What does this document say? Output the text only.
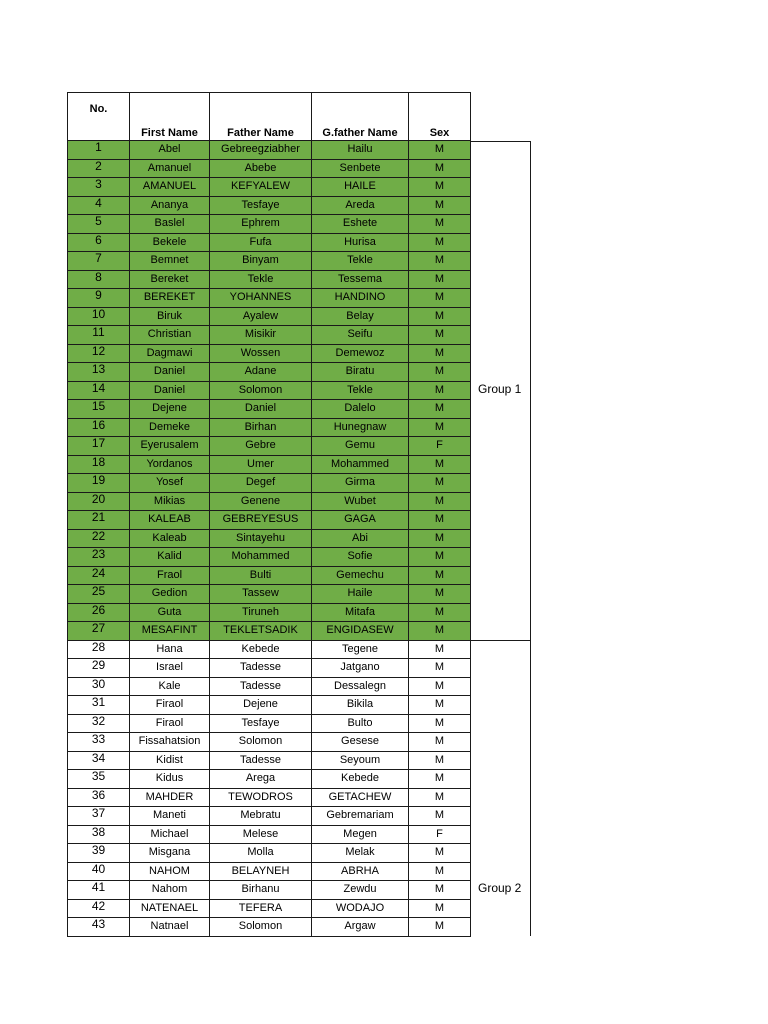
No.	First Name	Father Name	G.father Name	Sex
1	Abel	Gebreegziabher	Hailu	M
2	Amanuel	Abebe	Senbete	M
3	AMANUEL	KEFYALEW	HAILE	M
4	Ananya	Tesfaye	Areda	M
5	Baslel	Ephrem	Eshete	M
6	Bekele	Fufa	Hurisa	M
7	Bemnet	Binyam	Tekle	M
8	Bereket	Tekle	Tessema	M
9	BEREKET	YOHANNES	HANDINO	M
10	Biruk	Ayalew	Belay	M
11	Christian	Misikir	Seifu	M
12	Dagmawi	Wossen	Demewoz	M
13	Daniel	Adane	Biratu	M
14	Daniel	Solomon	Tekle	M
15	Dejene	Daniel	Dalelo	M
16	Demeke	Birhan	Hunegnaw	M
17	Eyerusalem	Gebre	Gemu	F
18	Yordanos	Umer	Mohammed	M
19	Yosef	Degef	Girma	M
20	Mikias	Genene	Wubet	M
21	KALEAB	GEBREYESUS	GAGA	M
22	Kaleab	Sintayehu	Abi	M
23	Kalid	Mohammed	Sofie	M
24	Fraol	Bulti	Gemechu	M
25	Gedion	Tassew	Haile	M
26	Guta	Tiruneh	Mitafa	M
27	MESAFINT	TEKLETSADIK	ENGIDASEW	M
28	Hana	Kebede	Tegene	M
29	Israel	Tadesse	Jatgano	M
30	Kale	Tadesse	Dessalegn	M
31	Firaol	Dejene	Bikila	M
32	Firaol	Tesfaye	Bulto	M
33	Fissahatsion	Solomon	Gesese	M
34	Kidist	Tadesse	Seyoum	M
35	Kidus	Arega	Kebede	M
36	MAHDER	TEWODROS	GETACHEW	M
37	Maneti	Mebratu	Gebremariam	M
38	Michael	Melese	Megen	F
39	Misgana	Molla	Melak	M
40	NAHOM	BELAYNEH	ABRHA	M
41	Nahom	Birhanu	Zewdu	M
42	NATENAEL	TEFERA	WODAJO	M
43	Natnael	Solomon	Argaw	M
Group 1
Group 2
